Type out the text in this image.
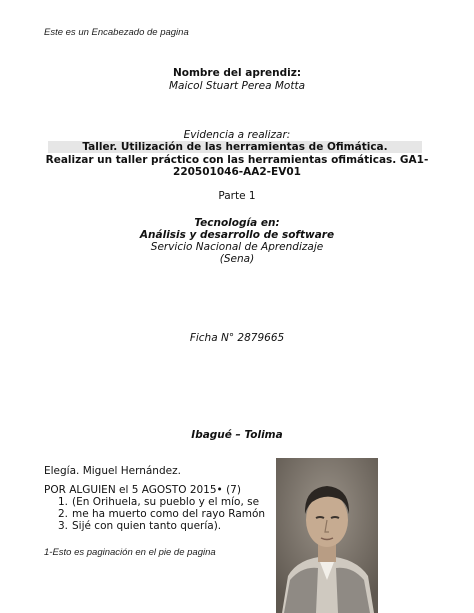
Este es un Encabezado de pagina
Nombre del aprendiz:
Maicol Stuart Perea Motta
Evidencia a realizar:
Taller. Utilización de las herramientas de Ofimática.
Realizar un taller práctico con las herramientas ofimáticas. GA1-
220501046-AA2-EV01
Parte 1
Tecnología en:
Análisis y desarrollo de software
Servicio Nacional de Aprendizaje
(Sena)
Ficha N° 2879665
Ibagué – Tolima
Elegía. Miguel Hernández.
POR ALGUIEN el 5 AGOSTO 2015• (7)
1. (En Orihuela, su pueblo y el mío, se
2. me ha muerto como del rayo Ramón
3. Sijé con quien tanto quería).
1-Esto es paginación en el pie de pagina
